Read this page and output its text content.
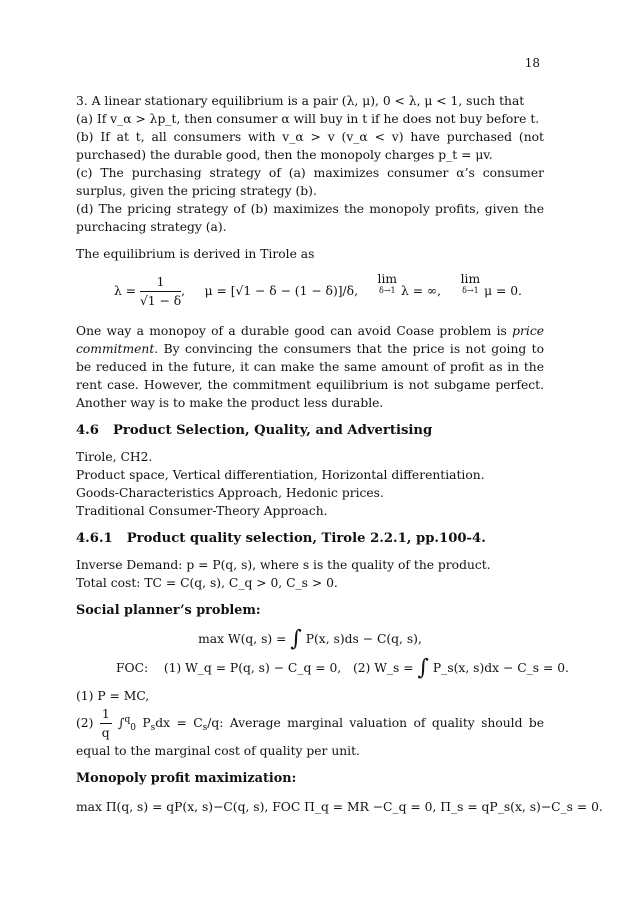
18

3. A linear stationary equilibrium is a pair (λ, μ), 0 < λ, μ < 1, such that

(a) If v_α > λp_t, then consumer α will buy in t if he does not buy before t.

(b) If at t, all consumers with v_α > v (v_α < v) have purchased (not purchased) the durable good, then the monopoly charges p_t = μv.

(c) The purchasing strategy of (a) maximizes consumer α’s consumer surplus, given the pricing strategy (b).

(d) The pricing strategy of (b) maximizes the monopoly profits, given the purchacing strategy (a).

The equilibrium is derived in Tirole as

$\lambda = \frac{1}{√1 - \delta}$ ,     μ = [√1 − δ − (1 − δ)]/δ,     lim
δ→1 λ = ∞,     lim
δ→1 μ = 0.

One way a monopoy of a durable good can avoid Coase problem is price commitment. By convincing the consumers that the price is not going to be reduced in the future, it can make the same amount of profit as in the rent case. However, the commitment equilibrium is not subgame perfect. Another way is to make the product less durable.

4.6 Product Selection, Quality, and Advertising

Tirole, CH2.

Product space, Vertical differentiation, Horizontal differentiation.

Goods-Characteristics Approach, Hedonic prices.

Traditional Consumer-Theory Approach.

4.6.1 Product quality selection, Tirole 2.2.1, pp.100-4.

Inverse Demand: p = P(q, s), where s is the quality of the product.

Total cost: TC = C(q, s), C_q > 0, C_s > 0.

Social planner’s problem:

max W(q, s) = ∫ P(x, s)ds − C(q, s),

FOC: (1) W_q = P(q, s) − C_q = 0, (2) W_s = ∫ P_s(x, s)dx − C_s = 0.

(1) P = MC,

$(2) \frac{1}{q} \int^q_0$ $P_sdx = C_s/q$: Average marginal valuation of quality should be equal to the marginal cost of quality per unit.

Monopoly profit maximization:

max Π(q, s) = qP(x, s)−C(q, s), FOC Π_q = MR −C_q = 0, Π_s = qP_s(x, s)−C_s = 0.
